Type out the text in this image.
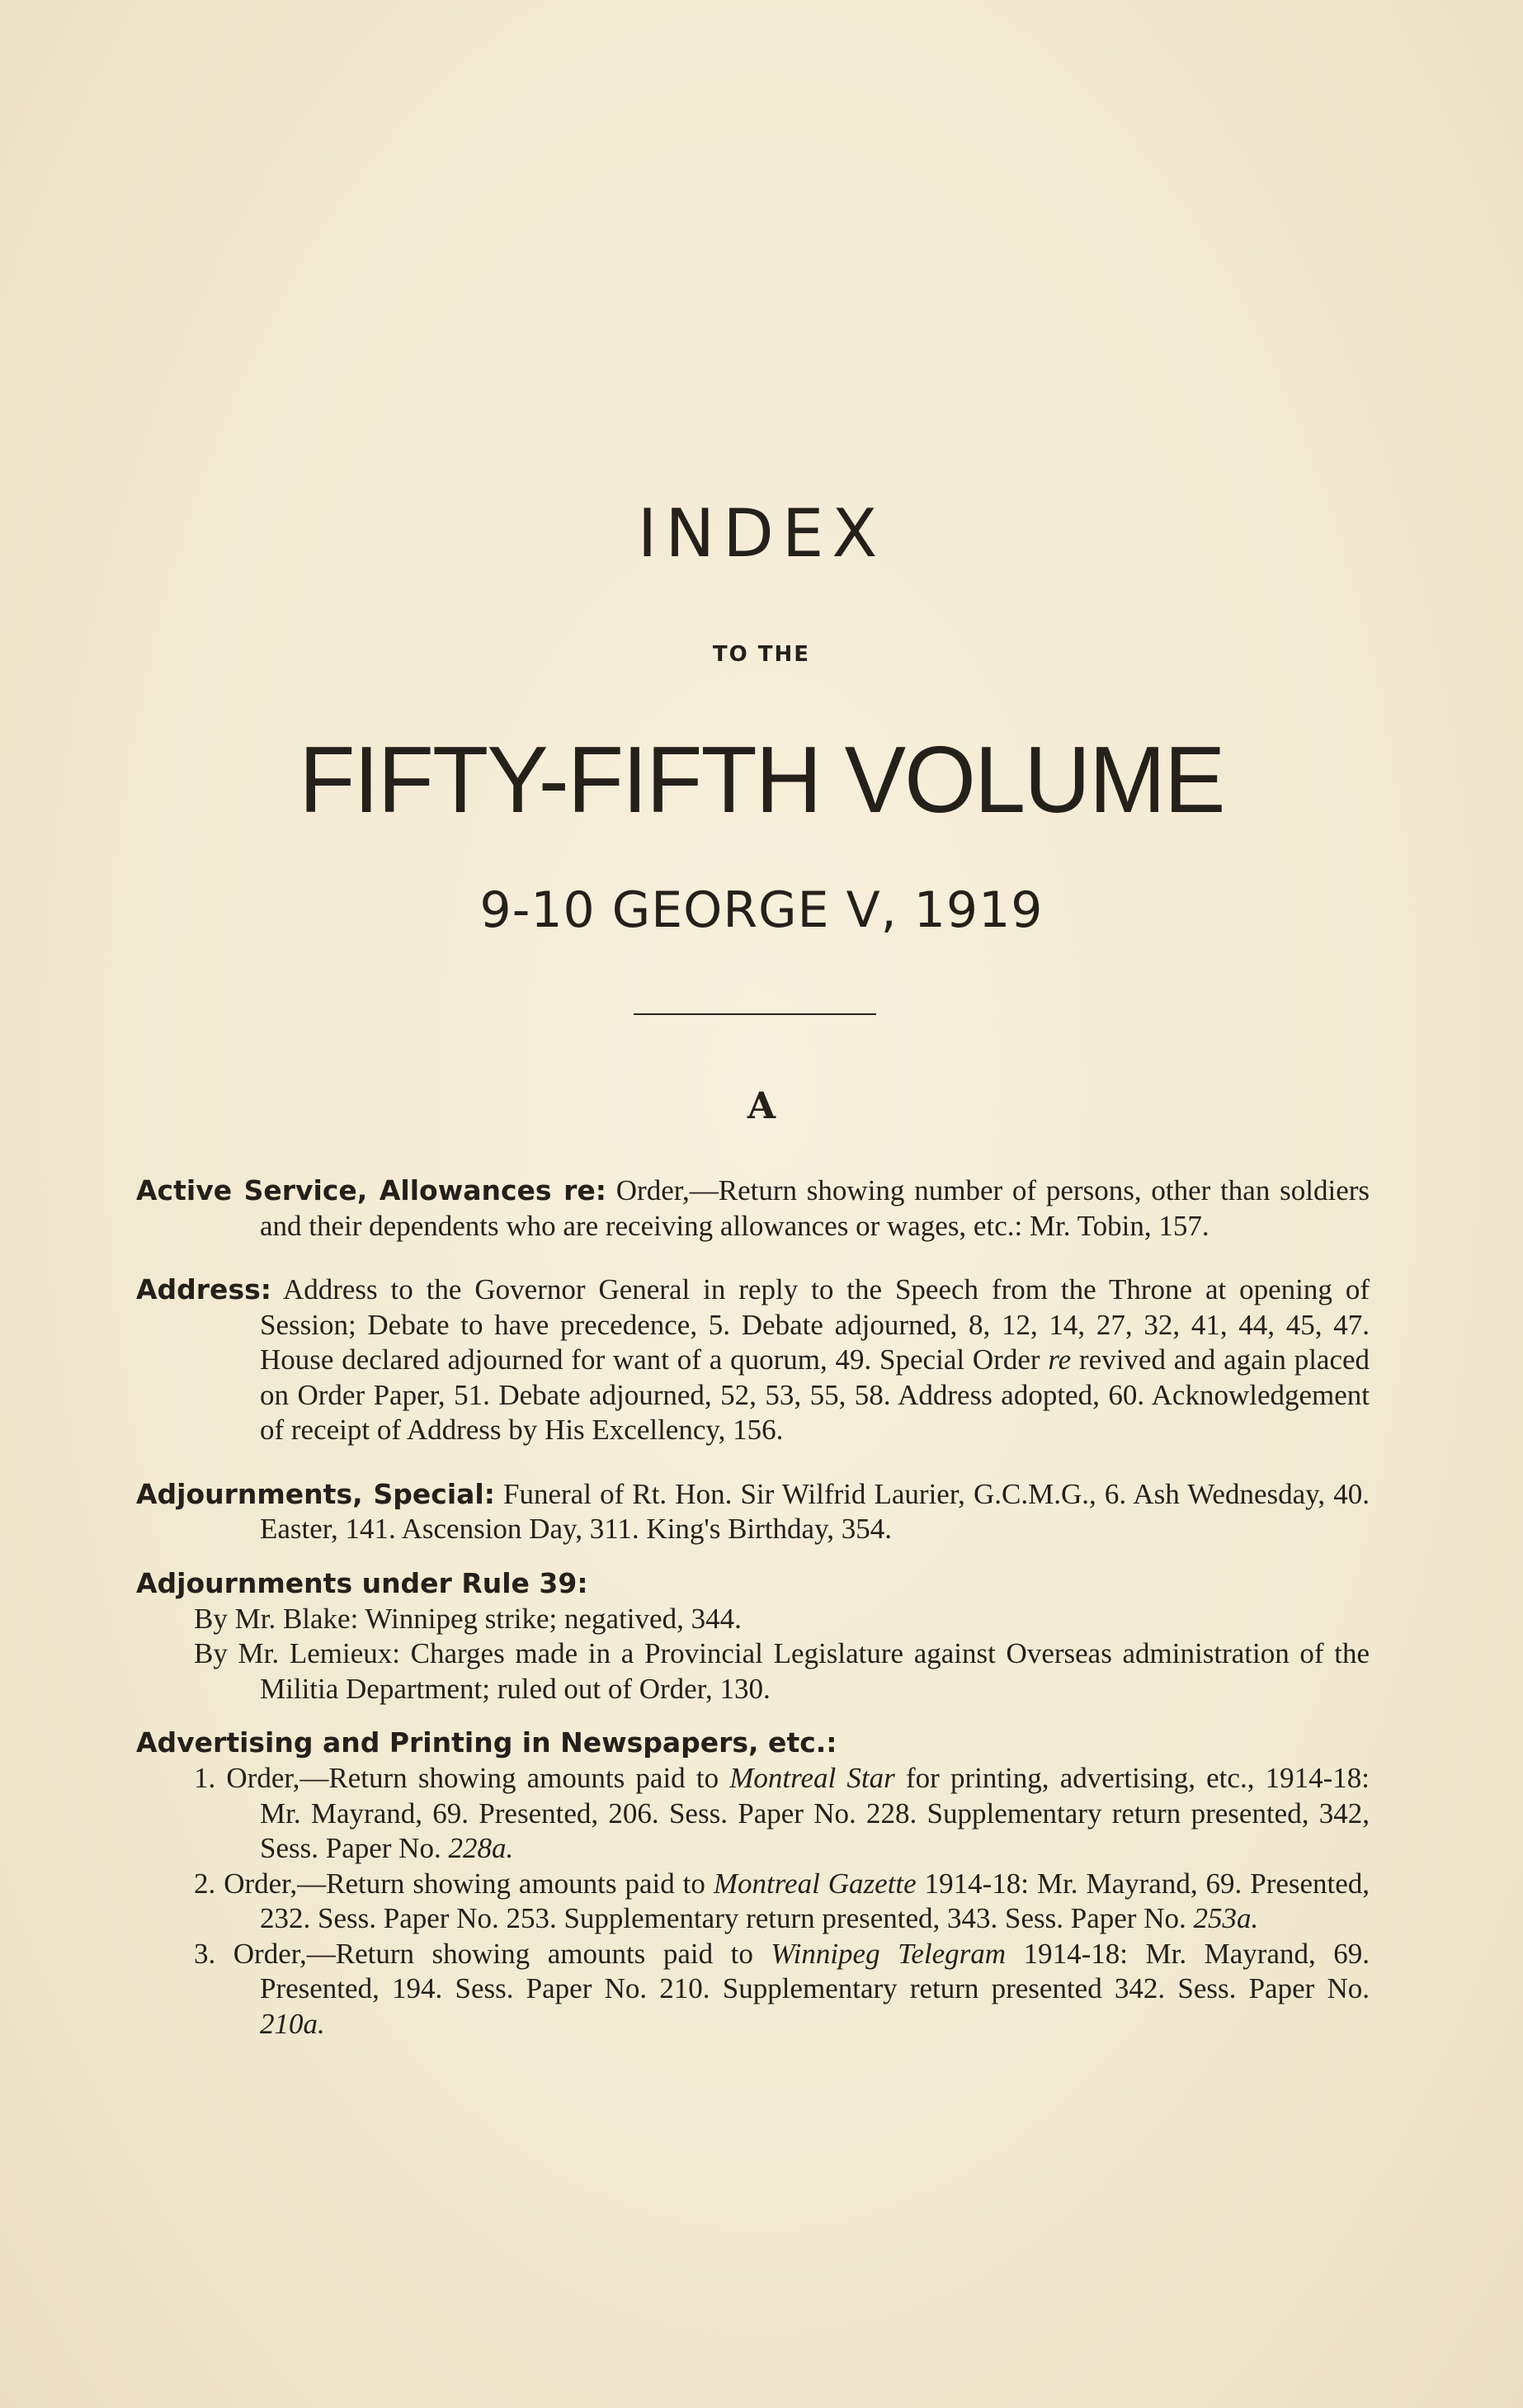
INDEX
TO THE
FIFTY-FIFTH VOLUME
9-10 GEORGE V, 1919
A

Active Service, Allowances re: Order,—Return showing number of persons, other than soldiers and their dependents who are receiving allowances or wages, etc.: Mr. Tobin, 157.

Address: Address to the Governor General in reply to the Speech from the Throne at opening of Session; Debate to have precedence, 5. Debate adjourned, 8, 12, 14, 27, 32, 41, 44, 45, 47. House declared adjourned for want of a quorum, 49. Special Order re revived and again placed on Order Paper, 51. Debate adjourned, 52, 53, 55, 58. Address adopted, 60. Acknowledgement of receipt of Address by His Excellency, 156.

Adjournments, Special: Funeral of Rt. Hon. Sir Wilfrid Laurier, G.C.M.G., 6. Ash Wednesday, 40. Easter, 141. Ascension Day, 311. King's Birthday, 354.

Adjournments under Rule 39:
By Mr. Blake: Winnipeg strike; negatived, 344.
By Mr. Lemieux: Charges made in a Provincial Legislature against Overseas administration of the Militia Department; ruled out of Order, 130.
Advertising and Printing in Newspapers, etc.:
1. Order,—Return showing amounts paid to Montreal Star for printing, advertising, etc., 1914-18: Mr. Mayrand, 69. Presented, 206. Sess. Paper No. 228. Supplementary return presented, 342, Sess. Paper No. 228a.
2. Order,—Return showing amounts paid to Montreal Gazette 1914-18: Mr. Mayrand, 69. Presented, 232. Sess. Paper No. 253. Supplementary return presented, 343. Sess. Paper No. 253a.
3. Order,—Return showing amounts paid to Winnipeg Telegram 1914-18: Mr. Mayrand, 69. Presented, 194. Sess. Paper No. 210. Supplementary return presented 342. Sess. Paper No. 210a.
